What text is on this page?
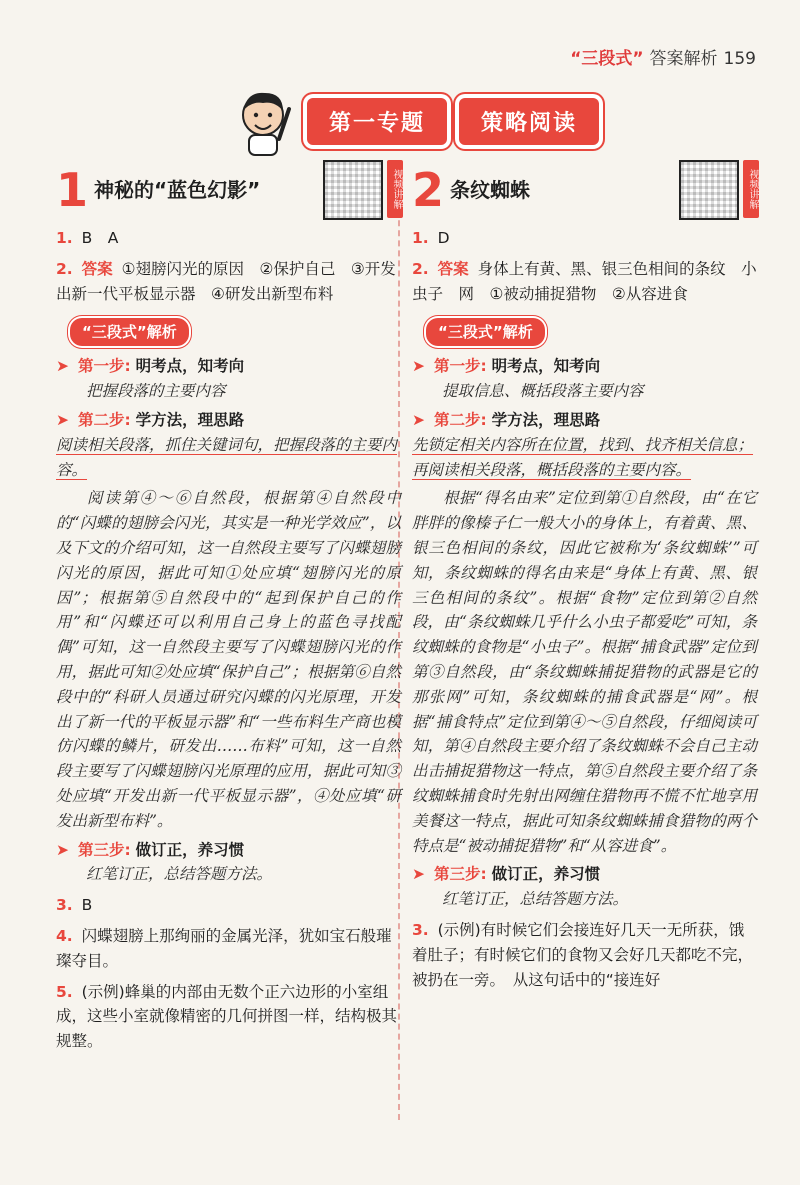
“三段式” 答案解析 159
第一专题	策略阅读
1 神秘的“蓝色幻影”	视频讲解
1. B　A
2. 答案 ①翅膀闪光的原因　②保护自己　③开发出新一代平板显示器　④研发出新型布料
“三段式”解析
➤ 第一步: 明考点，知考向
把握段落的主要内容
➤ 第二步: 学方法，理思路
阅读相关段落，抓住关键词句，把握段落的主要内容。
阅读第④～⑥自然段，根据第④自然段中的“闪蝶的翅膀会闪光，其实是一种光学效应”，以及下文的介绍可知，这一自然段主要写了闪蝶翅膀闪光的原因，据此可知①处应填“翅膀闪光的原因”；根据第⑤自然段中的“起到保护自己的作用”和“闪蝶还可以利用自己身上的蓝色寻找配偶”可知，这一自然段主要写了闪蝶翅膀闪光的作用，据此可知②处应填“保护自己”；根据第⑥自然段中的“科研人员通过研究闪蝶的闪光原理，开发出了新一代的平板显示器”和“一些布料生产商也模仿闪蝶的鳞片，研发出……布料”可知，这一自然段主要写了闪蝶翅膀闪光原理的应用，据此可知③处应填“开发出新一代平板显示器”，④处应填“研发出新型布料”。
➤ 第三步: 做订正，养习惯
红笔订正，总结答题方法。
3. B
4. 闪蝶翅膀上那绚丽的金属光泽，犹如宝石般璀璨夺目。
5. (示例)蜂巢的内部由无数个正六边形的小室组成，这些小室就像精密的几何拼图一样，结构极其规整。
2 条纹蜘蛛	视频讲解
1. D
2. 答案 身体上有黄、黑、银三色相间的条纹　小虫子　网　①被动捕捉猎物　②从容进食
“三段式”解析
➤ 第一步: 明考点，知考向
提取信息、概括段落主要内容
➤ 第二步: 学方法，理思路
先锁定相关内容所在位置，找到、找齐相关信息；再阅读相关段落，概括段落的主要内容。
根据“得名由来”定位到第①自然段，由“在它胖胖的像榛子仁一般大小的身体上，有着黄、黑、银三色相间的条纹，因此它被称为‘条纹蜘蛛’”可知，条纹蜘蛛的得名由来是“身体上有黄、黑、银三色相间的条纹”。根据“食物”定位到第②自然段，由“条纹蜘蛛几乎什么小虫子都爱吃”可知，条纹蜘蛛的食物是“小虫子”。根据“捕食武器”定位到第③自然段，由“条纹蜘蛛捕捉猎物的武器是它的那张网”可知，条纹蜘蛛的捕食武器是“网”。根据“捕食特点”定位到第④～⑤自然段，仔细阅读可知，第④自然段主要介绍了条纹蜘蛛不会自己主动出击捕捉猎物这一特点，第⑤自然段主要介绍了条纹蜘蛛捕食时先射出网缠住猎物再不慌不忙地享用美餐这一特点，据此可知条纹蜘蛛捕食猎物的两个特点是“被动捕捉猎物”和“从容进食”。
➤ 第三步: 做订正，养习惯
红笔订正，总结答题方法。
3. (示例)有时候它们会接连好几天一无所获，饿着肚子；有时候它们的食物又会好几天都吃不完，被扔在一旁。　从这句话中的“接连好
